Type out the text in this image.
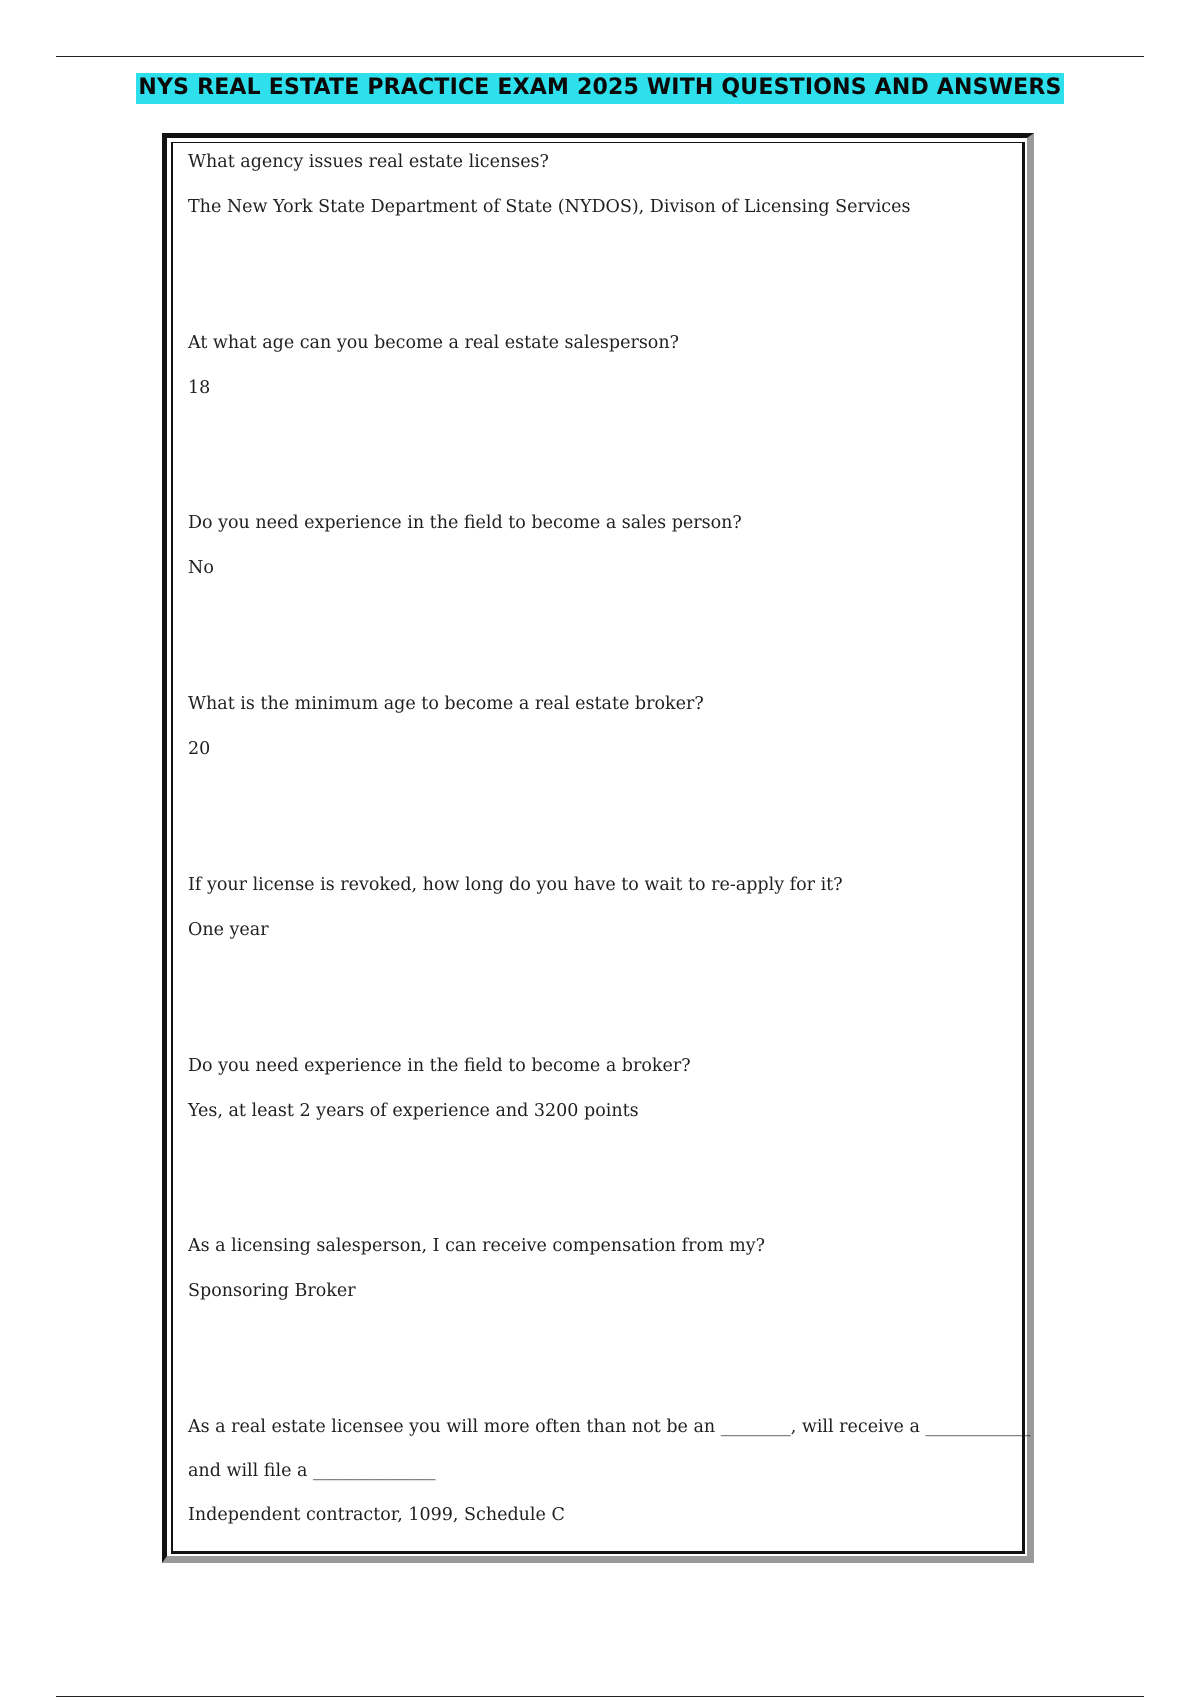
NYS REAL ESTATE PRACTICE EXAM 2025 WITH QUESTIONS AND ANSWERS

What agency issues real estate licenses?

The New York State Department of State (NYDOS), Divison of Licensing Services

At what age can you become a real estate salesperson?

18

Do you need experience in the field to become a sales person?

No

What is the minimum age to become a real estate broker?

20

If your license is revoked, how long do you have to wait to re-apply for it?

One year

Do you need experience in the field to become a broker?

Yes, at least 2 years of experience and 3200 points

As a licensing salesperson, I can receive compensation from my?

Sponsoring Broker

As a real estate licensee you will more often than not be an ________, will receive a ____________

and will file a ______________

Independent contractor, 1099, Schedule C
